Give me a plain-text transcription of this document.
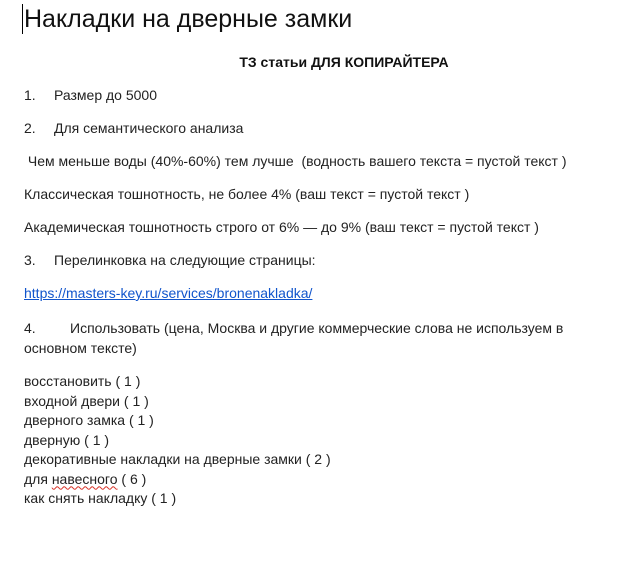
Накладки на дверные замки
ТЗ статьи ДЛЯ КОПИРАЙТЕРА
1. Размер до 5000
2. Для семантического анализа
Чем меньше воды (40%-60%) тем лучше  (водность вашего текста = пустой текст )
Классическая тошнотность, не более 4% (ваш текст = пустой текст )
Академическая тошнотность строго от 6% — до 9% (ваш текст = пустой текст )
3. Перелинковка на следующие страницы:
https://masters-key.ru/services/bronenakladka/
4. Использовать (цена, Москва и другие коммерческие слова не используем в основном тексте)
восстановить ( 1 )
входной двери ( 1 )
дверного замка ( 1 )
дверную ( 1 )
декоративные накладки на дверные замки ( 2 )
для навесного ( 6 )
как снять накладку ( 1 )
